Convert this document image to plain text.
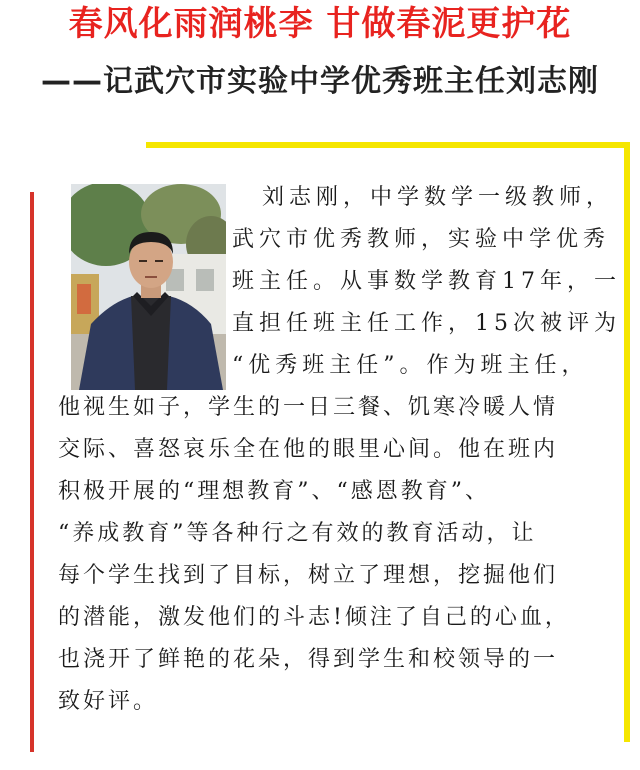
春风化雨润桃李 甘做春泥更护花
——记武穴市实验中学优秀班主任刘志刚
刘志刚，中学数学一级教师，
武穴市优秀教师，实验中学优秀
班主任。从事数学教育17年，一
直担任班主任工作，15次被评为
“优秀班主任”。作为班主任，
他视生如子，学生的一日三餐、饥寒冷暖人情
交际、喜怒哀乐全在他的眼里心间。他在班内
积极开展的“理想教育”、“感恩教育”、
“养成教育”等各种行之有效的教育活动，让
每个学生找到了目标，树立了理想，挖掘他们
的潜能，激发他们的斗志!倾注了自己的心血，
也浇开了鲜艳的花朵，得到学生和校领导的一
致好评。
